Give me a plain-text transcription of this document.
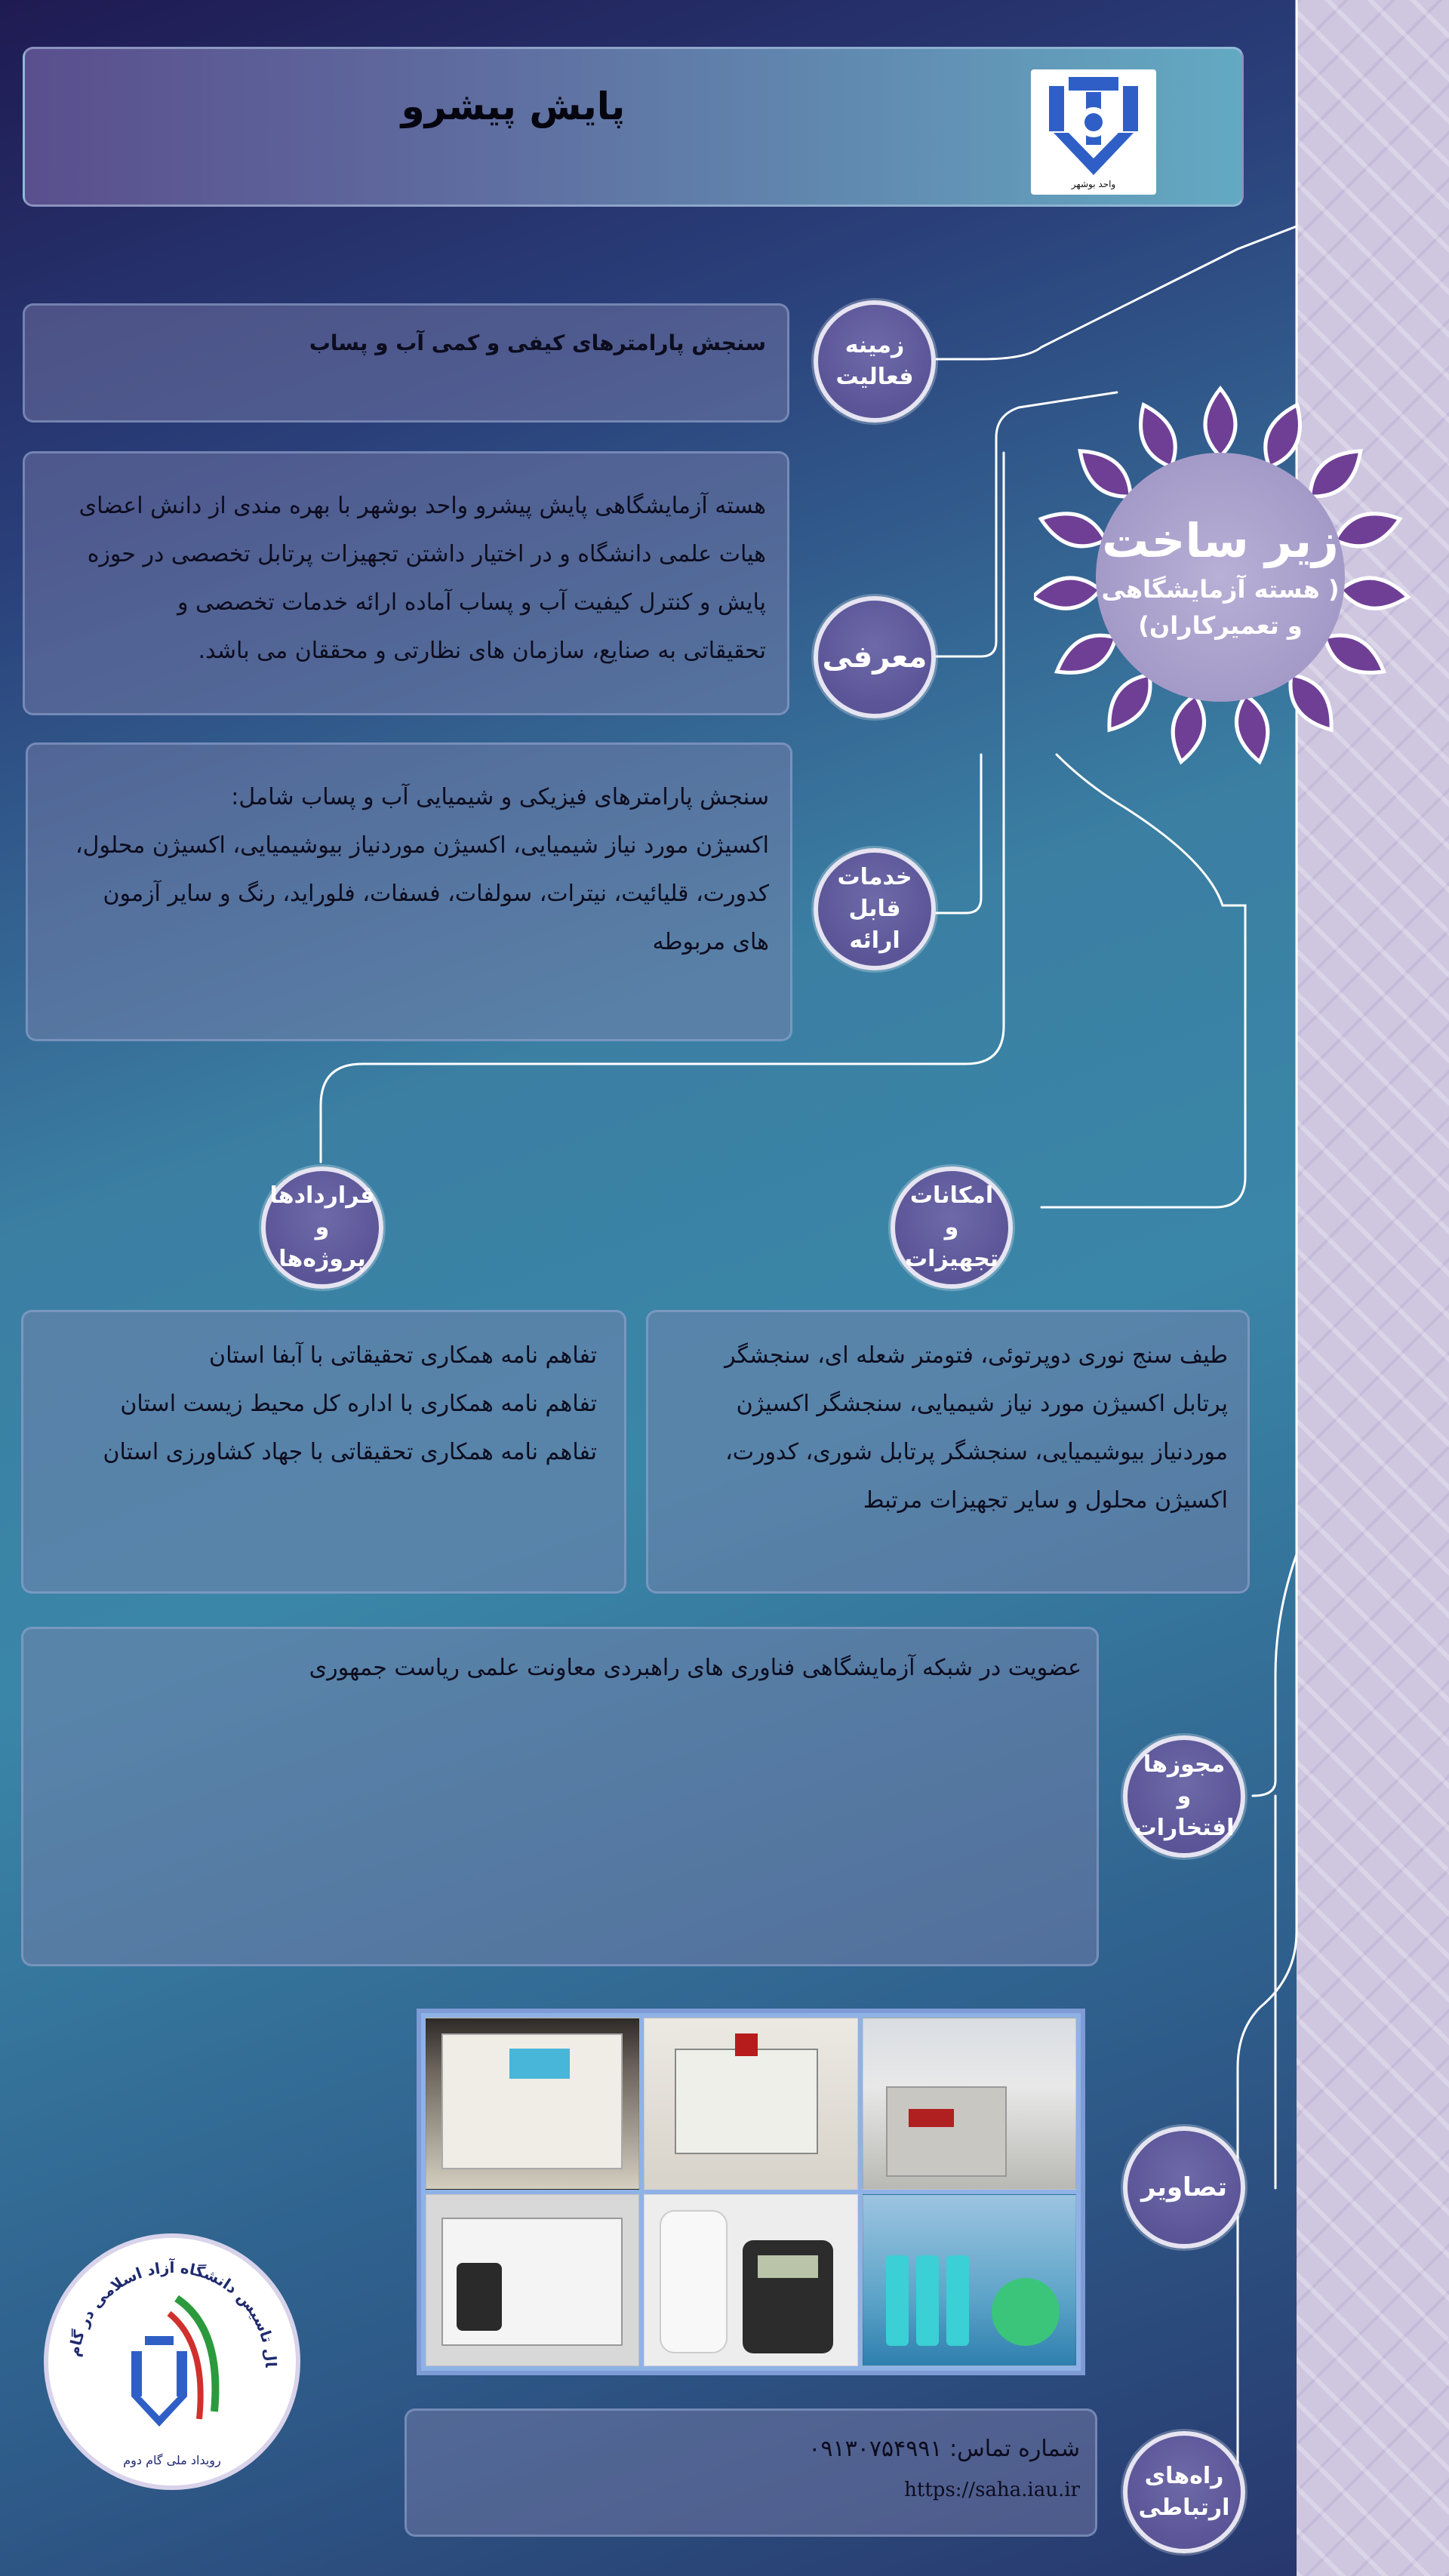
پایش پیشرو
واحد بوشهر
زیر ساخت
( هسته آزمایشگاهی
و تعمیرکاران)

سنجش پارامترهای کیفی و کمی آب و پساب	زمینه فعالیت

هسته آزمایشگاهی پایش پیشرو واحد بوشهر با بهره مندی از دانش اعضای

هیات علمی دانشگاه و در اختیار داشتن تجهیزات پرتابل تخصصی در حوزه

پایش و کنترل کیفیت آب و پساب آماده ارائه خدمات تخصصی و

تحقیقاتی به صنایع، سازمان های نظارتی و محققان می باشد. معرفی

سنجش پارامترهای فیزیکی و شیمیایی آب و پساب شامل:

اکسیژن مورد نیاز شیمیایی، اکسیژن موردنیاز بیوشیمیایی، اکسیژن محلول،

کدورت، قلیائیت، نیترات، سولفات، فسفات، فلوراید، رنگ و سایر آزمون

های مربوطه

خدمات قابل ارائه
قراردادها و پروژه‌ها
امکانات و تجهیزات

تفاهم نامه همکاری تحقیقاتی با آبفا استان

تفاهم نامه همکاری با اداره کل محیط زیست استان

تفاهم نامه همکاری تحقیقاتی با جهاد کشاورزی استان

طیف سنج نوری دوپرتوئی، فتومتر شعله ای، سنجشگر

پرتابل اکسیژن مورد نیاز شیمیایی، سنجشگر اکسیژن

موردنیاز بیوشیمیایی، سنجشگر پرتابل شوری، کدورت،

اکسیژن محلول و سایر تجهیزات مرتبط

عضویت در شبکه آزمایشگاهی فناوری های راهبردی معاونت علمی ریاست جمهوری

مجوزها و افتخارات
تصاویر

شماره تماس: ۰۹۱۳۰۷۵۴۹۹۱

https://saha.iau.ir

راه‌های ارتباطی
ال تاسیس دانشگاه آزاد اسلامی در گام
رویداد ملی گام دوم
